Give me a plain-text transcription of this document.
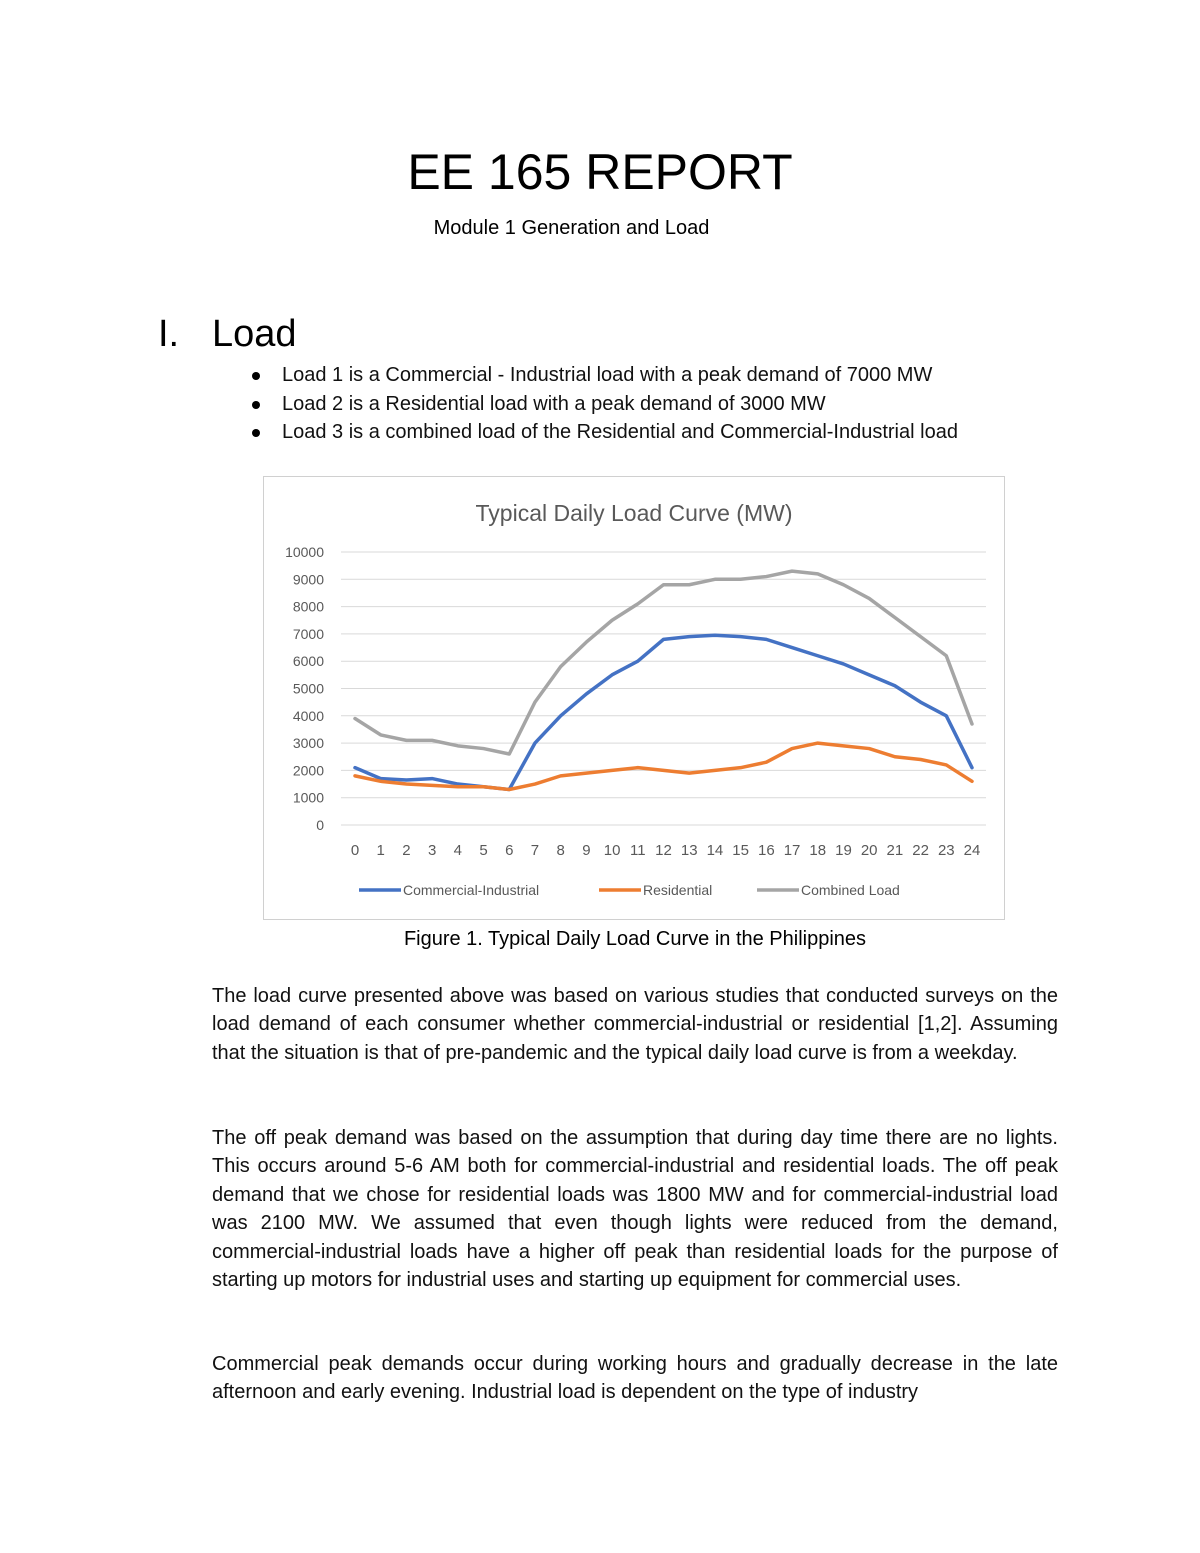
EE 165 REPORT
Module 1 Generation and Load
I. Load
Load 1 is a Commercial - Industrial load with a peak demand of 7000 MW
Load 2 is a Residential load with a peak demand of 3000 MW
Load 3 is a combined load of the Residential and Commercial-Industrial load
Typical Daily Load Curve (MW)
10000
9000
8000
7000
6000
5000
4000
3000
2000
1000
0
0 1 2 3 4 5 6 7 8 9 10 11 12 13 14 15 16 17 18 19 20 21 22 23 24
Commercial-Industrial	Residential	Combined Load
Figure 1. Typical Daily Load Curve in the Philippines

The load curve presented above was based on various studies that conducted surveys on the load demand of each consumer whether commercial-industrial or residential [1,2]. Assuming that the situation is that of pre-pandemic and the typical daily load curve is from a weekday.

The off peak demand was based on the assumption that during day time there are no lights. This occurs around 5-6 AM both for commercial-industrial and residential loads. The off peak demand that we chose for residential loads was 1800 MW and for commercial-industrial load was 2100 MW. We assumed that even though lights were reduced from the demand, commercial-industrial loads have a higher off peak than residential loads for the purpose of starting up motors for industrial uses and starting up equipment for commercial uses.

Commercial peak demands occur during working hours and gradually decrease in the late afternoon and early evening. Industrial load is dependent on the type of industry
